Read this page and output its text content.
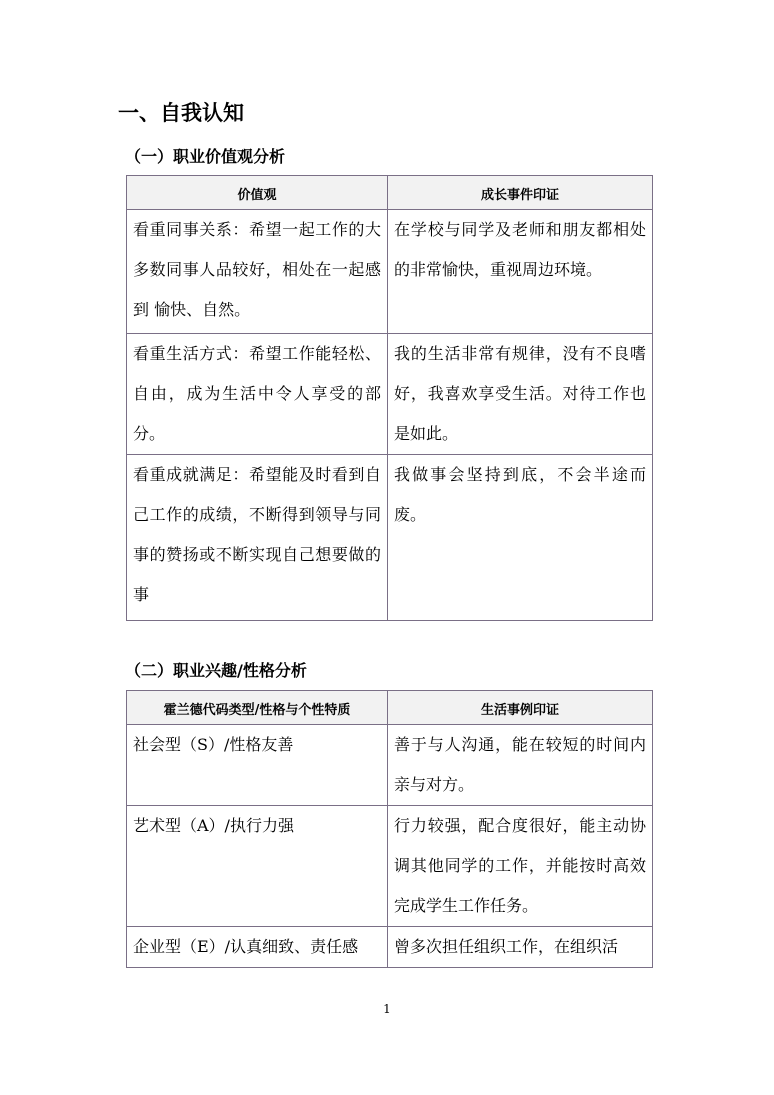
一、自我认知
（一）职业价值观分析
价值观	成长事件印证
看重同事关系：希望一起工作的大多数同事人品较好，相处在一起感到 愉快、自然。	在学校与同学及老师和朋友都相处的非常愉快，重视周边环境。
看重生活方式：希望工作能轻松、自由，成为生活中令人享受的部分。	我的生活非常有规律，没有不良嗜好，我喜欢享受生活。对待工作也是如此。
看重成就满足：希望能及时看到自己工作的成绩，不断得到领导与同事的赞扬或不断实现自己想要做的事	我做事会坚持到底，不会半途而废。
（二）职业兴趣/性格分析
霍兰德代码类型/性格与个性特质	生活事例印证
社会型（S）/性格友善	善于与人沟通，能在较短的时间内亲与对方。
艺术型（A）/执行力强	行力较强，配合度很好，能主动协调其他同学的工作，并能按时高效完成学生工作任务。
企业型（E）/认真细致、责任感	曾多次担任组织工作，在组织活
1
